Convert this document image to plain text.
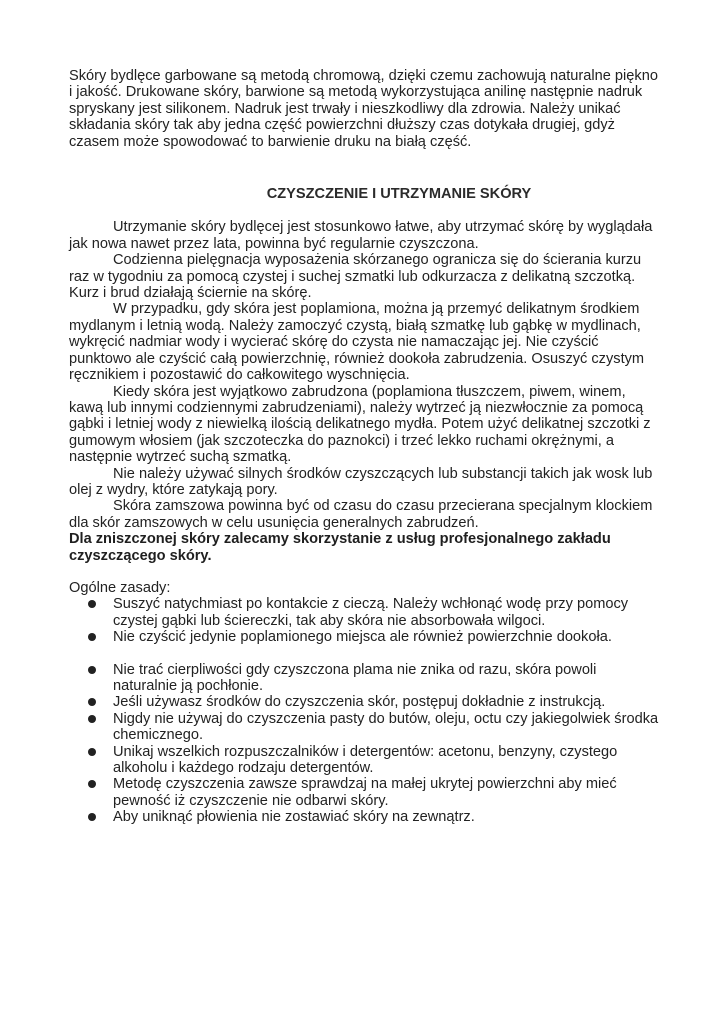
Skóry bydlęce garbowane są metodą chromową, dzięki czemu zachowują naturalne piękno i jakość. Drukowane skóry, barwione są metodą wykorzystująca anilinę następnie nadruk spryskany jest silikonem. Nadruk jest trwały i nieszkodliwy dla zdrowia. Należy unikać składania skóry tak aby jedna część powierzchni dłuższy czas dotykała drugiej, gdyż czasem może spowodować to barwienie druku na białą część.

CZYSZCZENIE I UTRZYMANIE SKÓRY

Utrzymanie skóry bydlęcej jest stosunkowo łatwe, aby utrzymać skórę by wyglądała jak nowa nawet przez lata, powinna być regularnie czyszczona.

Codzienna pielęgnacja wyposażenia skórzanego ogranicza się do ścierania kurzu raz w tygodniu za pomocą czystej i suchej szmatki lub odkurzacza z delikatną szczotką. Kurz i brud działają ściernie na skórę.

W przypadku, gdy skóra jest poplamiona, można ją przemyć delikatnym środkiem mydlanym i letnią wodą. Należy zamoczyć czystą, białą szmatkę lub gąbkę w mydlinach, wykręcić nadmiar wody i wycierać skórę do czysta nie namaczając jej. Nie czyścić punktowo ale czyścić całą powierzchnię, również dookoła zabrudzenia. Osuszyć czystym ręcznikiem i pozostawić do całkowitego wyschnięcia.

Kiedy skóra jest wyjątkowo zabrudzona (poplamiona tłuszczem, piwem, winem, kawą lub innymi codziennymi zabrudzeniami), należy wytrzeć ją niezwłocznie za pomocą gąbki i letniej wody z niewielką ilością delikatnego mydła. Potem użyć delikatnej szczotki z gumowym włosiem (jak szczoteczka do paznokci) i trzeć lekko ruchami okrężnymi, a następnie wytrzeć suchą szmatką.

Nie należy używać silnych środków czyszczących lub substancji takich jak wosk lub olej z wydry, które zatykają pory.

Skóra zamszowa powinna być od czasu do czasu przecierana specjalnym klockiem dla skór zamszowych w celu usunięcia generalnych zabrudzeń.

Dla zniszczonej skóry zalecamy skorzystanie z usług profesjonalnego zakładu czyszczącego skóry.

Ogólne zasady:

Suszyć natychmiast po kontakcie z cieczą. Należy wchłonąć wodę przy pomocy czystej gąbki lub ściereczki, tak aby skóra nie absorbowała wilgoci.
Nie czyścić jedynie poplamionego miejsca ale również powierzchnie dookoła.
Nie trać cierpliwości gdy czyszczona plama nie znika od razu, skóra powoli naturalnie ją pochłonie.
Jeśli używasz środków do czyszczenia skór, postępuj dokładnie z instrukcją.
Nigdy nie używaj do czyszczenia pasty do butów, oleju, octu czy jakiegolwiek środka chemicznego.
Unikaj wszelkich rozpuszczalników i detergentów: acetonu, benzyny, czystego alkoholu i każdego rodzaju detergentów.
Metodę czyszczenia zawsze sprawdzaj na małej ukrytej powierzchni aby mieć pewność iż czyszczenie nie odbarwi skóry.
Aby uniknąć płowienia nie zostawiać skóry na zewnątrz.
